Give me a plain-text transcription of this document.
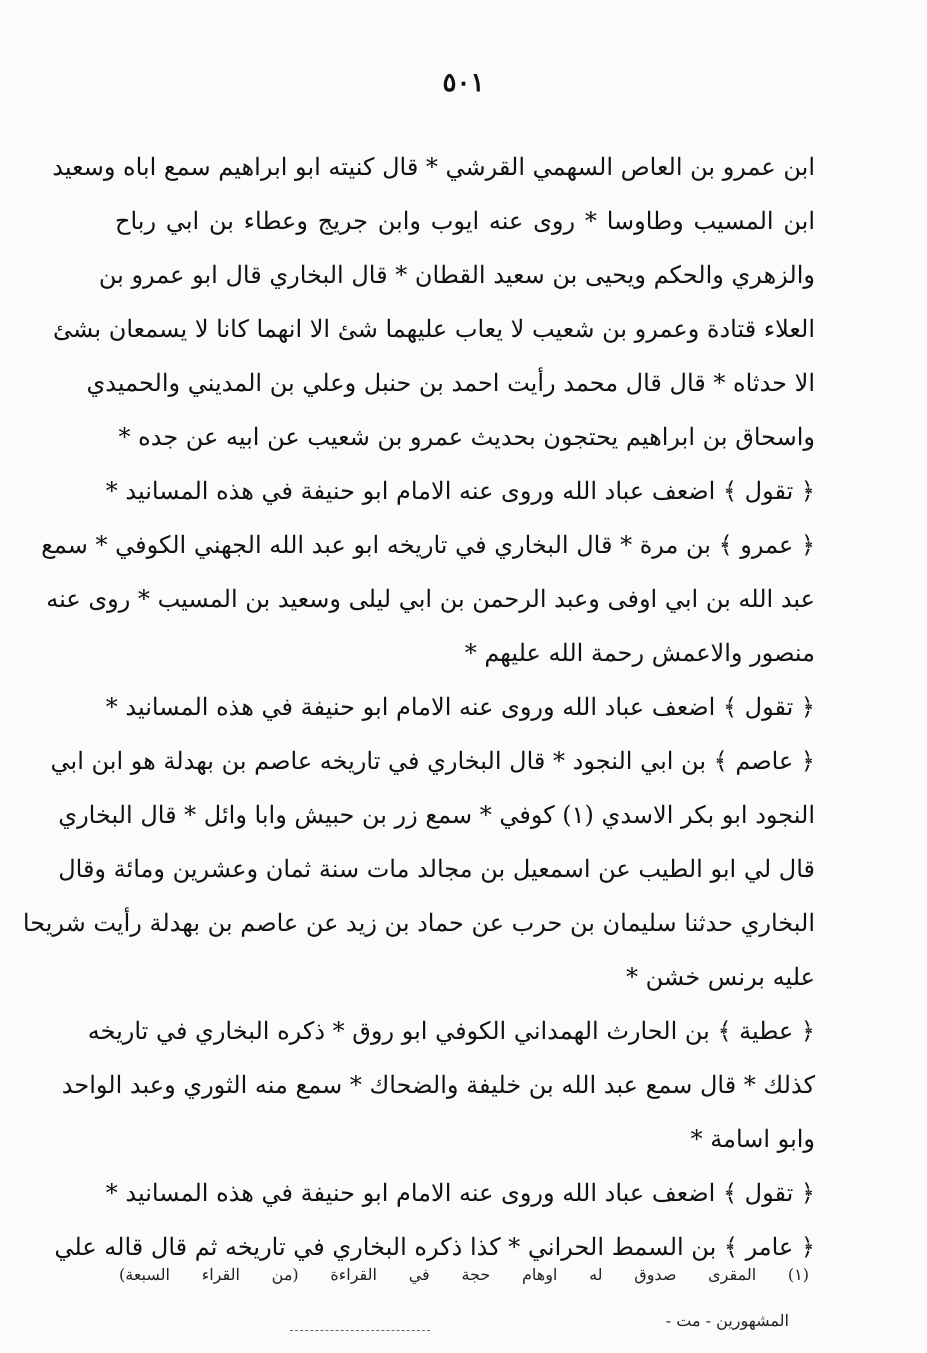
٥٠١
ابن عمرو بن العاص السهمي القرشي * قال كنيته ابو ابراهيم سمع اباه وسعيد
ابن المسيب وطاوسا * روى عنه ايوب وابن جريج وعطاء بن ابي رباح
والزهري والحكم ويحيى بن سعيد القطان * قال البخاري قال ابو عمرو بن
العلاء قتادة وعمرو بن شعيب لا يعاب عليهما شئ الا انهما كانا لا يسمعان بشئ
الا حدثاه * قال قال محمد رأيت احمد بن حنبل وعلي بن المديني والحميدي
واسحاق بن ابراهيم يحتجون بحديث عمرو بن شعيب عن ابيه عن جده *
﴿ تقول ﴾ اضعف عباد الله وروى عنه الامام ابو حنيفة في هذه المسانيد *
﴿ عمرو ﴾ بن مرة * قال البخاري في تاريخه ابو عبد الله الجهني الكوفي * سمع
عبد الله بن ابي اوفى وعبد الرحمن بن ابي ليلى وسعيد بن المسيب * روى عنه
منصور والاعمش رحمة الله عليهم *
﴿ تقول ﴾ اضعف عباد الله وروى عنه الامام ابو حنيفة في هذه المسانيد *
﴿ عاصم ﴾ بن ابي النجود * قال البخاري في تاريخه عاصم بن بهدلة هو ابن ابي
النجود ابو بكر الاسدي (١) كوفي * سمع زر بن حبيش وابا وائل * قال البخاري
قال لي ابو الطيب عن اسمعيل بن مجالد مات سنة ثمان وعشرين ومائة وقال
البخاري حدثنا سليمان بن حرب عن حماد بن زيد عن عاصم بن بهدلة رأيت شريحا
عليه برنس خشن *
﴿ عطية ﴾ بن الحارث الهمداني الكوفي ابو روق * ذكره البخاري في تاريخه
كذلك * قال سمع عبد الله بن خليفة والضحاك * سمع منه الثوري وعبد الواحد
وابو اسامة *
﴿ تقول ﴾ اضعف عباد الله وروى عنه الامام ابو حنيفة في هذه المسانيد *
﴿ عامر ﴾ بن السمط الحراني * كذا ذكره البخاري في تاريخه ثم قال قاله علي
(١) المقرى صدوق له اوهام حجة في القراءة (من القراء السبعة)
المشهورين - مت -
